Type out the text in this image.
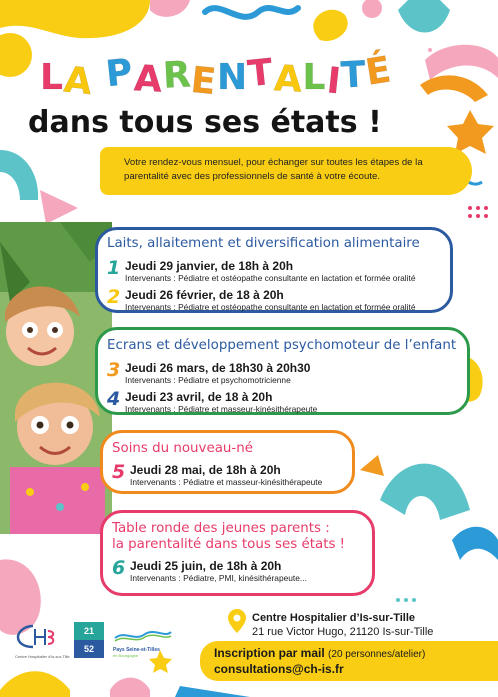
LA PARENTALITÉ
dans tous ses états !
Votre rendez-vous mensuel, pour échanger sur toutes les étapes de la
parentalité avec des professionnels de santé à votre écoute.
Laits, allaitement et diversification alimentaire
1 Jeudi 29 janvier, de 18h à 20h
Intervenants : Pédiatre et ostéopathe consultante en lactation et formée oralité
2 Jeudi 26 février, de 18 à 20h
Intervenants : Pédiatre et ostéopathe consultante en lactation et formée oralité
Ecrans et développement psychomoteur de l’enfant
3 Jeudi 26 mars, de 18h30 à 20h30
Intervenants : Pédiatre et psychomotricienne
4 Jeudi 23 avril, de 18 à 20h
Intervenants : Pédiatre et masseur-kinésithérapeute
Soins du nouveau-né
5 Jeudi 28 mai, de 18h à 20h
Intervenants : Pédiatre et masseur-kinésithérapeute
Table ronde des jeunes parents :
la parentalité dans tous ses états !
6 Jeudi 25 juin, de 18h à 20h
Intervenants : Pédiatre, PMI, kinésithérapeute...
Centre Hospitalier d’Is-sur-Tille
21 rue Victor Hugo, 21120 Is-sur-Tille
Inscription par mail (20 personnes/atelier)
consultations@ch-is.fr
Centre Hospitalier d'Is-sur-Tille
21
52	Pays Seine-et-Tilles
en Bourgogne
